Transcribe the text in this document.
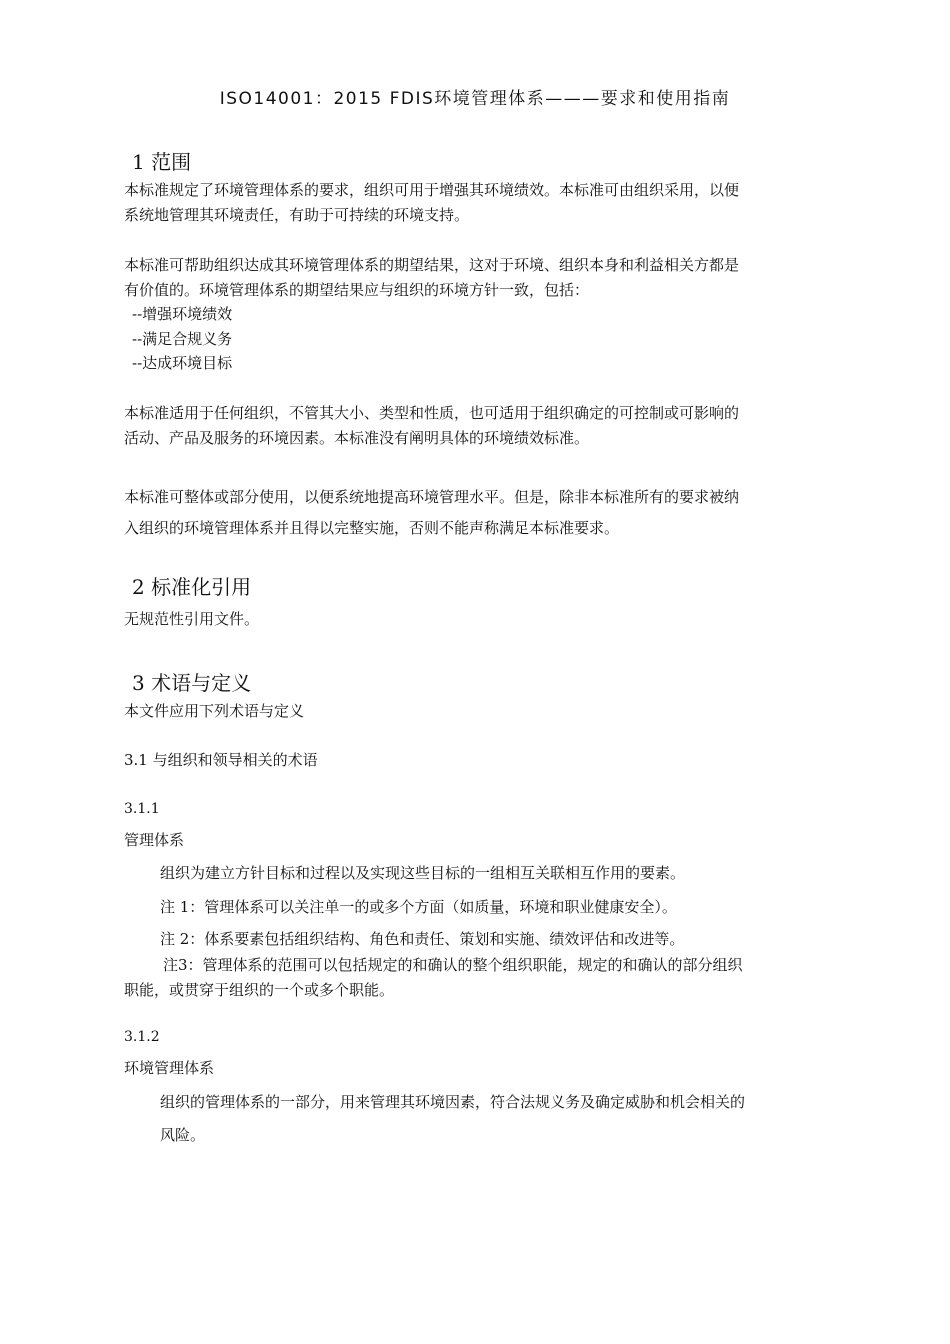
ISO14001：2015 FDIS环境管理体系———要求和使用指南
1 范围
本标准规定了环境管理体系的要求，组织可用于增强其环境绩效。本标准可由组织采用，以便
系统地管理其环境责任，有助于可持续的环境支持。
本标准可帮助组织达成其环境管理体系的期望结果，这对于环境、组织本身和利益相关方都是
有价值的。环境管理体系的期望结果应与组织的环境方针一致，包括：
--增强环境绩效
--满足合规义务
--达成环境目标
本标准适用于任何组织，不管其大小、类型和性质，也可适用于组织确定的可控制或可影响的
活动、产品及服务的环境因素。本标准没有阐明具体的环境绩效标准。
本标准可整体或部分使用，以便系统地提高环境管理水平。但是，除非本标准所有的要求被纳
入组织的环境管理体系并且得以完整实施，否则不能声称满足本标准要求。
2 标准化引用
无规范性引用文件。
3 术语与定义
本文件应用下列术语与定义
3.1 与组织和领导相关的术语
3.1.1
管理体系
组织为建立方针目标和过程以及实现这些目标的一组相互关联相互作用的要素。
注 1：管理体系可以关注单一的或多个方面（如质量，环境和职业健康安全）。
注 2：体系要素包括组织结构、角色和责任、策划和实施、绩效评估和改进等。
注3：管理体系的范围可以包括规定的和确认的整个组织职能，规定的和确认的部分组织
职能，或贯穿于组织的一个或多个职能。
3.1.2
环境管理体系
组织的管理体系的一部分，用来管理其环境因素，符合法规义务及确定威胁和机会相关的
风险。
